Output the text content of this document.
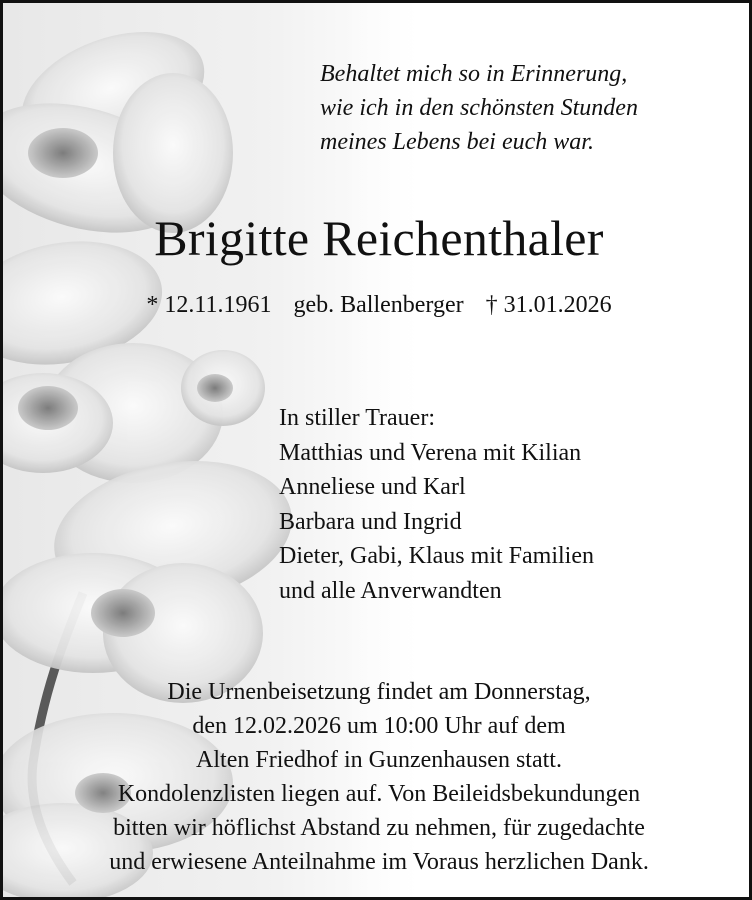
Behaltet mich so in Erinnerung,
wie ich in den schönsten Stunden
meines Lebens bei euch war.

Brigitte Reichenthaler
* 12.11.1961 geb. Ballenberger † 31.01.2026
In stiller Trauer:
Matthias und Verena mit Kilian
Anneliese und Karl
Barbara und Ingrid
Dieter, Gabi, Klaus mit Familien
und alle Anverwandten
Die Urnenbeisetzung findet am Donnerstag,
den 12.02.2026 um 10:00 Uhr auf dem
Alten Friedhof in Gunzenhausen statt.
Kondolenzlisten liegen auf. Von Beileidsbekundungen
bitten wir höflichst Abstand zu nehmen, für zugedachte
und erwiesene Anteilnahme im Voraus herzlichen Dank.
